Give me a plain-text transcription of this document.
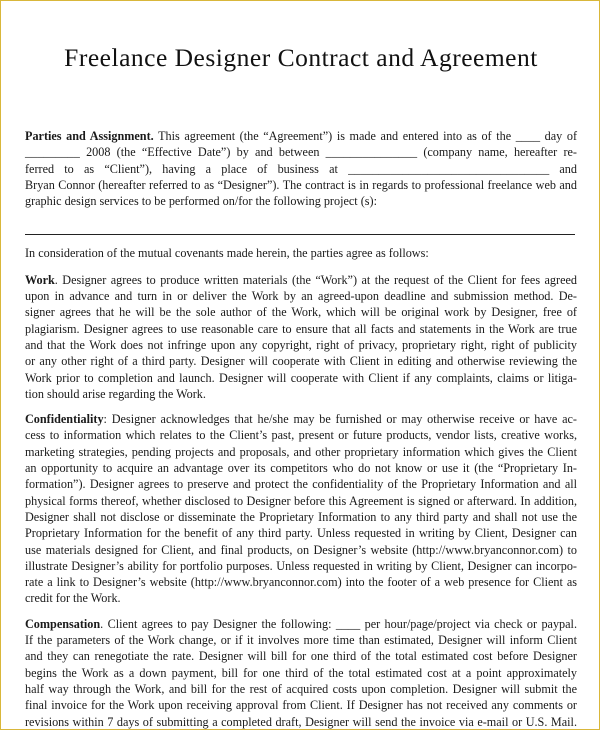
Freelance Designer Contract and Agreement
Parties and Assignment. This agreement (the “Agreement”) is made and entered into as of the ____ day of
_________ 2008 (the “Effective Date”) by and between _______________ (company name, hereafter re-
ferred to as “Client”), having a place of business at _________________________________ and
Bryan Connor (hereafter referred to as “Designer”). The contract is in regards to professional freelance web and
graphic design services to be performed on/for the following project (s):
In consideration of the mutual covenants made herein, the parties agree as follows:
Work. Designer agrees to produce written materials (the “Work”) at the request of the Client for fees agreed
upon in advance and turn in or deliver the Work by an agreed-upon deadline and submission method. De-
signer agrees that he will be the sole author of the Work, which will be original work by Designer, free of
plagiarism. Designer agrees to use reasonable care to ensure that all facts and statements in the Work are true
and that the Work does not infringe upon any copyright, right of privacy, proprietary right, right of publicity
or any other right of a third party. Designer will cooperate with Client in editing and otherwise reviewing the
Work prior to completion and launch. Designer will cooperate with Client if any complaints, claims or litiga-
tion should arise regarding the Work.
Confidentiality: Designer acknowledges that he/she may be furnished or may otherwise receive or have ac-
cess to information which relates to the Client’s past, present or future products, vendor lists, creative works,
marketing strategies, pending projects and proposals, and other proprietary information which gives the Client
an opportunity to acquire an advantage over its competitors who do not know or use it (the “Proprietary In-
formation”). Designer agrees to preserve and protect the confidentiality of the Proprietary Information and all
physical forms thereof, whether disclosed to Designer before this Agreement is signed or afterward. In addition,
Designer shall not disclose or disseminate the Proprietary Information to any third party and shall not use the
Proprietary Information for the benefit of any third party. Unless requested in writing by Client, Designer can
use materials designed for Client, and final products, on Designer’s website (http://www.bryanconnor.com) to
illustrate Designer’s ability for portfolio purposes. Unless requested in writing by Client, Designer can incorpo-
rate a link to Designer’s website (http://www.bryanconnor.com) into the footer of a web presence for Client as
credit for the Work.
Compensation. Client agrees to pay Designer the following: ____ per hour/page/project via check or paypal.
If the parameters of the Work change, or if it involves more time than estimated, Designer will inform Client
and they can renegotiate the rate. Designer will bill for one third of the total estimated cost before Designer
begins the Work as a down payment, bill for one third of the total estimated cost at a point approximately
half way through the Work, and bill for the rest of acquired costs upon completion. Designer will submit the
final invoice for the Work upon receiving approval from Client. If Designer has not received any comments or
revisions within 7 days of submitting a completed draft, Designer will send the invoice via e-mail or U.S. Mail.
